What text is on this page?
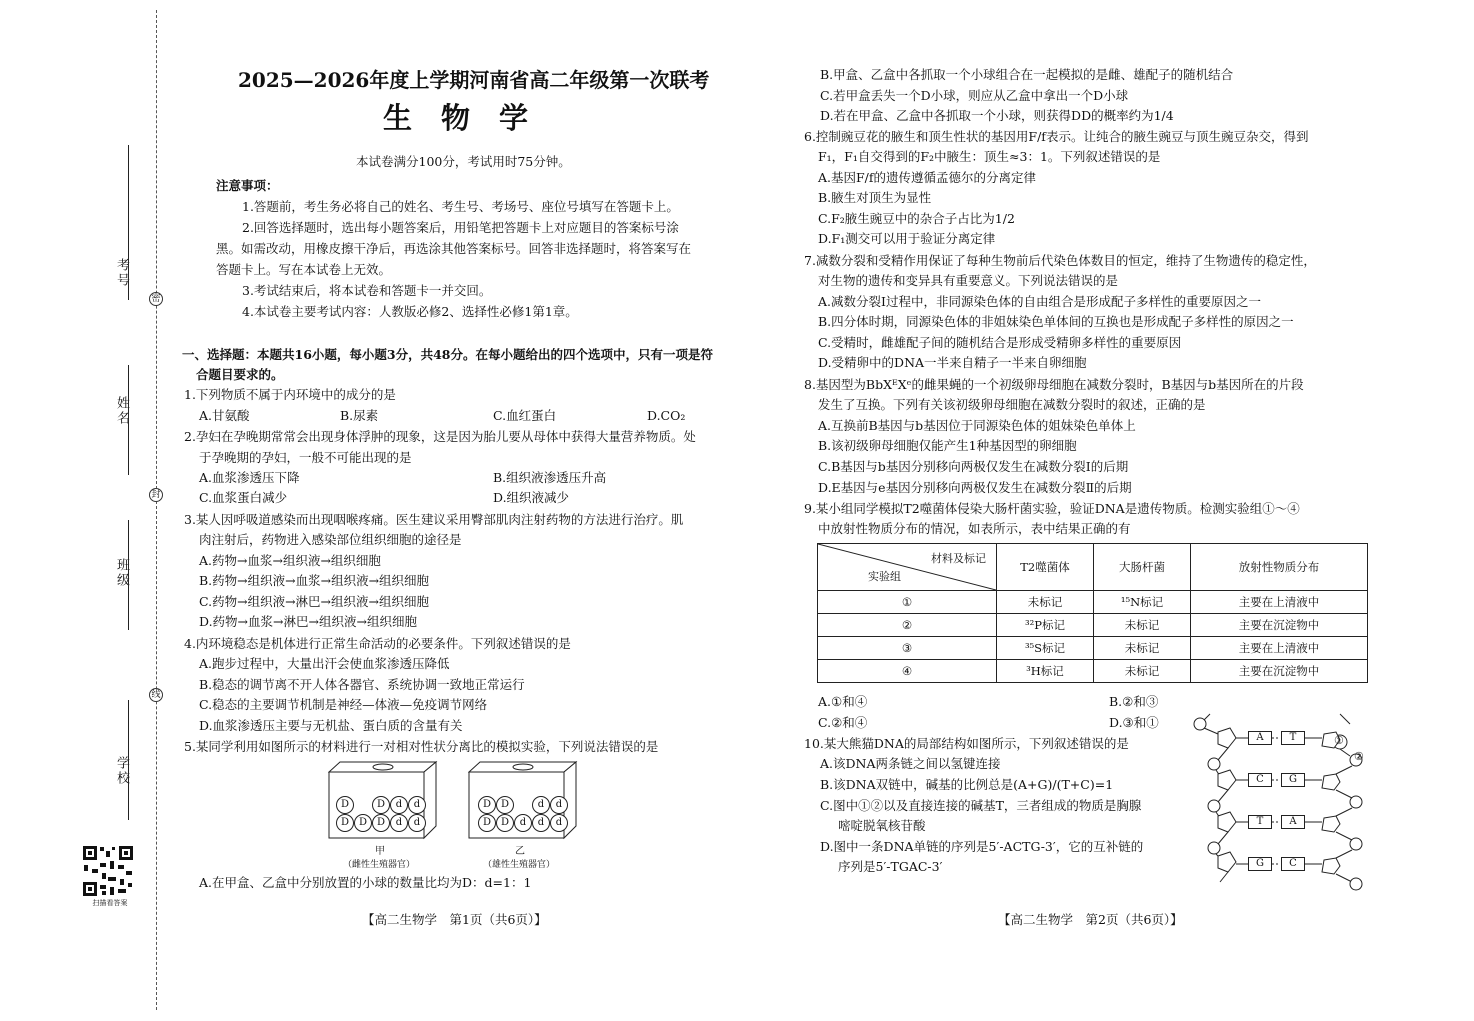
考号
姓名
班级
学校
密
封
线
扫描看答案
2025—2026年度上学期河南省高二年级第一次联考
生　物　学
本试卷满分100分，考试用时75分钟。
注意事项：
1.答题前，考生务必将自己的姓名、考生号、考场号、座位号填写在答题卡上。
2.回答选择题时，选出每小题答案后，用铅笔把答题卡上对应题目的答案标号涂
黑。如需改动，用橡皮擦干净后，再选涂其他答案标号。回答非选择题时，将答案写在
答题卡上。写在本试卷上无效。
3.考试结束后，将本试卷和答题卡一并交回。
4.本试卷主要考试内容：人教版必修2、选择性必修1第1章。
一、选择题：本题共16小题，每小题3分，共48分。在每小题给出的四个选项中，只有一项是符
合题目要求的。
1.下列物质不属于内环境中的成分的是
A.甘氨酸	B.尿素	C.血红蛋白	D.CO₂
2.孕妇在孕晚期常常会出现身体浮肿的现象，这是因为胎儿要从母体中获得大量营养物质。处
于孕晚期的孕妇，一般不可能出现的是
A.血浆渗透压下降	B.组织液渗透压升高
C.血浆蛋白减少	D.组织液减少
3.某人因呼吸道感染而出现咽喉疼痛。医生建议采用臀部肌肉注射药物的方法进行治疗。肌
肉注射后，药物进入感染部位组织细胞的途径是
A.药物→血浆→组织液→组织细胞
B.药物→组织液→血浆→组织液→组织细胞
C.药物→组织液→淋巴→组织液→组织细胞
D.药物→血浆→淋巴→组织液→组织细胞
4.内环境稳态是机体进行正常生命活动的必要条件。下列叙述错误的是
A.跑步过程中，大量出汗会使血浆渗透压降低
B.稳态的调节离不开人体各器官、系统协调一致地正常运行
C.稳态的主要调节机制是神经—体液—免疫调节网络
D.血浆渗透压主要与无机盐、蛋白质的含量有关
5.某同学利用如图所示的材料进行一对相对性状分离比的模拟实验，下列说法错误的是
D	D	d	d
D D D	d	d
甲
（雌性生殖器官）
D D	d	d
D D	d	d	d
乙
（雄性生殖器官）
A.在甲盒、乙盒中分别放置的小球的数量比均为D：d=1：1
【高二生物学　第1页（共6页）】
B.甲盒、乙盒中各抓取一个小球组合在一起模拟的是雌、雄配子的随机结合
C.若甲盒丢失一个D小球，则应从乙盒中拿出一个D小球
D.若在甲盒、乙盒中各抓取一个小球，则获得DD的概率约为1/4
6.控制豌豆花的腋生和顶生性状的基因用F/f表示。让纯合的腋生豌豆与顶生豌豆杂交，得到
F₁，F₁自交得到的F₂中腋生：顶生≈3：1。下列叙述错误的是
A.基因F/f的遗传遵循孟德尔的分离定律
B.腋生对顶生为显性
C.F₂腋生豌豆中的杂合子占比为1/2
D.F₁测交可以用于验证分离定律
7.减数分裂和受精作用保证了每种生物前后代染色体数目的恒定，维持了生物遗传的稳定性，
对生物的遗传和变异具有重要意义。下列说法错误的是
A.减数分裂Ⅰ过程中，非同源染色体的自由组合是形成配子多样性的重要原因之一
B.四分体时期，同源染色体的非姐妹染色单体间的互换也是形成配子多样性的原因之一
C.受精时，雌雄配子间的随机结合是形成受精卵多样性的重要原因
D.受精卵中的DNA一半来自精子一半来自卵细胞
8.基因型为BbXᴱXᵉ的雌果蝇的一个初级卵母细胞在减数分裂时，B基因与b基因所在的片段
发生了互换。下列有关该初级卵母细胞在减数分裂时的叙述，正确的是
A.互换前B基因与b基因位于同源染色体的姐妹染色单体上
B.该初级卵母细胞仅能产生1种基因型的卵细胞
C.B基因与b基因分别移向两极仅发生在减数分裂Ⅰ的后期
D.E基因与e基因分别移向两极仅发生在减数分裂Ⅱ的后期
9.某小组同学模拟T2噬菌体侵染大肠杆菌实验，验证DNA是遗传物质。检测实验组①～④
中放射性物质分布的情况，如表所示，表中结果正确的有
材料及标记
实验组	T2噬菌体	大肠杆菌	放射性物质分布
①	未标记	¹⁵N标记	主要在上清液中
②	³²P标记	未标记	主要在沉淀物中
③	³⁵S标记	未标记	主要在上清液中
④	³H标记	未标记	主要在沉淀物中
A.①和④	B.②和③
C.②和④	D.③和①
10.某大熊猫DNA的局部结构如图所示，下列叙述错误的是
A.该DNA两条链之间以氢键连接
B.该DNA双链中，碱基的比例总是(A+G)/(T+C)=1
C.图中①②以及直接连接的碱基T，三者组成的物质是胸腺
嘧啶脱氧核苷酸
D.图中一条DNA单链的序列是5′-ACTG-3′，它的互补链的
序列是5′-TGAC-3′
A	T
C	G
T	A
G	C
①
②
【高二生物学　第2页（共6页）】
